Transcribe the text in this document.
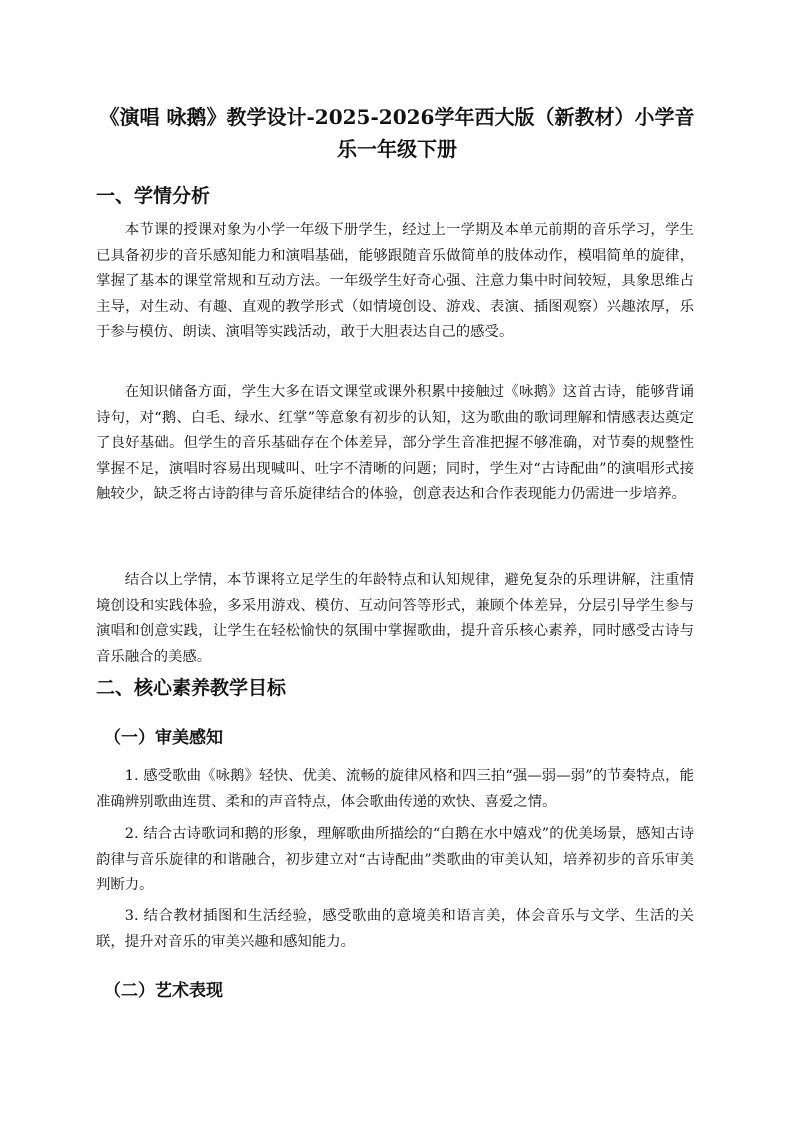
《演唱 咏鹅》教学设计-2025-2026学年西大版（新教材）小学音乐一年级下册
一、学情分析

本节课的授课对象为小学一年级下册学生，经过上一学期及本单元前期的音乐学习，学生已具备初步的音乐感知能力和演唱基础，能够跟随音乐做简单的肢体动作，模唱简单的旋律，掌握了基本的课堂常规和互动方法。一年级学生好奇心强、注意力集中时间较短，具象思维占主导，对生动、有趣、直观的教学形式（如情境创设、游戏、表演、插图观察）兴趣浓厚，乐于参与模仿、朗读、演唱等实践活动，敢于大胆表达自己的感受。

在知识储备方面，学生大多在语文课堂或课外积累中接触过《咏鹅》这首古诗，能够背诵诗句，对“鹅、白毛、绿水、红掌”等意象有初步的认知，这为歌曲的歌词理解和情感表达奠定了良好基础。但学生的音乐基础存在个体差异，部分学生音准把握不够准确，对节奏的规整性掌握不足，演唱时容易出现喊叫、吐字不清晰的问题；同时，学生对“古诗配曲”的演唱形式接触较少，缺乏将古诗韵律与音乐旋律结合的体验，创意表达和合作表现能力仍需进一步培养。

结合以上学情，本节课将立足学生的年龄特点和认知规律，避免复杂的乐理讲解，注重情境创设和实践体验，多采用游戏、模仿、互动问答等形式，兼顾个体差异，分层引导学生参与演唱和创意实践，让学生在轻松愉快的氛围中掌握歌曲，提升音乐核心素养，同时感受古诗与音乐融合的美感。

二、核心素养教学目标
（一）审美感知

1. 感受歌曲《咏鹅》轻快、优美、流畅的旋律风格和四三拍“强—弱—弱”的节奏特点，能准确辨别歌曲连贯、柔和的声音特点，体会歌曲传递的欢快、喜爱之情。

2. 结合古诗歌词和鹅的形象，理解歌曲所描绘的“白鹅在水中嬉戏”的优美场景，感知古诗韵律与音乐旋律的和谐融合，初步建立对“古诗配曲”类歌曲的审美认知，培养初步的音乐审美判断力。

3. 结合教材插图和生活经验，感受歌曲的意境美和语言美，体会音乐与文学、生活的关联，提升对音乐的审美兴趣和感知能力。

（二）艺术表现
